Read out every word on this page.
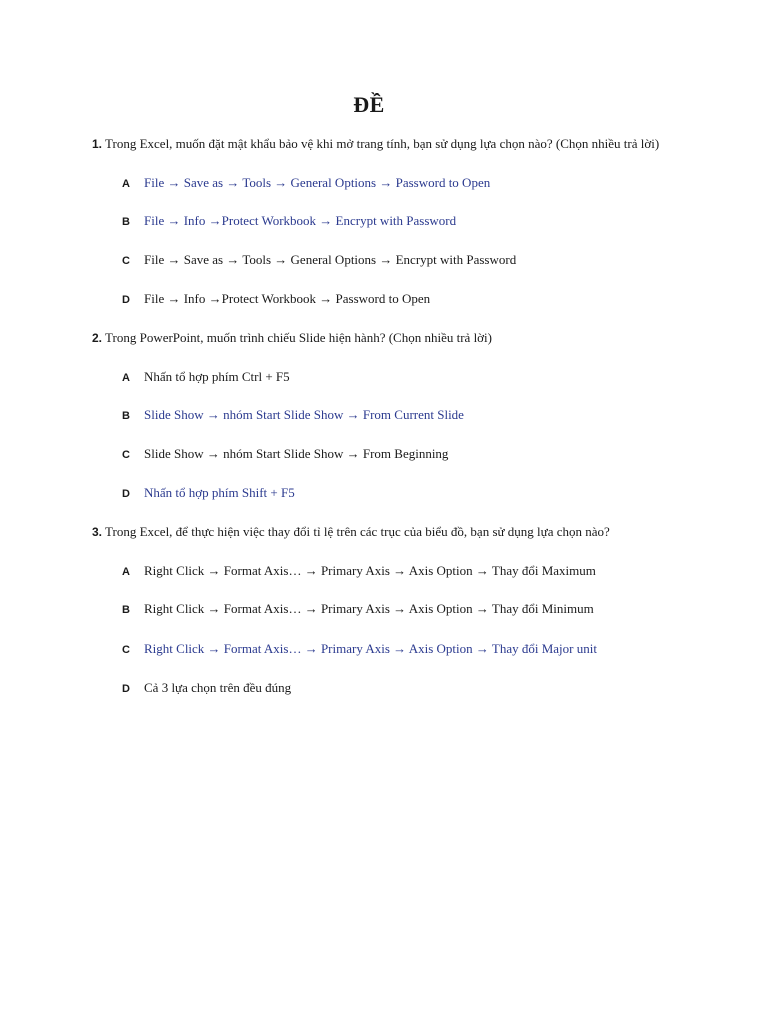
ĐỀ
1. Trong Excel, muốn đặt mật khẩu bảo vệ khi mở trang tính, bạn sử dụng lựa chọn nào? (Chọn nhiều trả lời)
A File → Save as → Tools → General Options → Password to Open
B File → Info →Protect Workbook → Encrypt with Password
C File → Save as → Tools → General Options → Encrypt with Password
D File → Info →Protect Workbook → Password to Open
2. Trong PowerPoint, muốn trình chiếu Slide hiện hành? (Chọn nhiều trả lời)
A Nhấn tổ hợp phím Ctrl + F5
B Slide Show → nhóm Start Slide Show → From Current Slide
C Slide Show → nhóm Start Slide Show → From Beginning
D Nhấn tổ hợp phím Shift + F5
3. Trong Excel, để thực hiện việc thay đổi tỉ lệ trên các trục của biểu đồ, bạn sử dụng lựa chọn nào?
A Right Click → Format Axis… → Primary Axis → Axis Option → Thay đổi Maximum
B Right Click → Format Axis… → Primary Axis → Axis Option → Thay đổi Minimum
C Right Click → Format Axis… → Primary Axis → Axis Option → Thay đổi Major unit
D Cả 3 lựa chọn trên đều đúng
